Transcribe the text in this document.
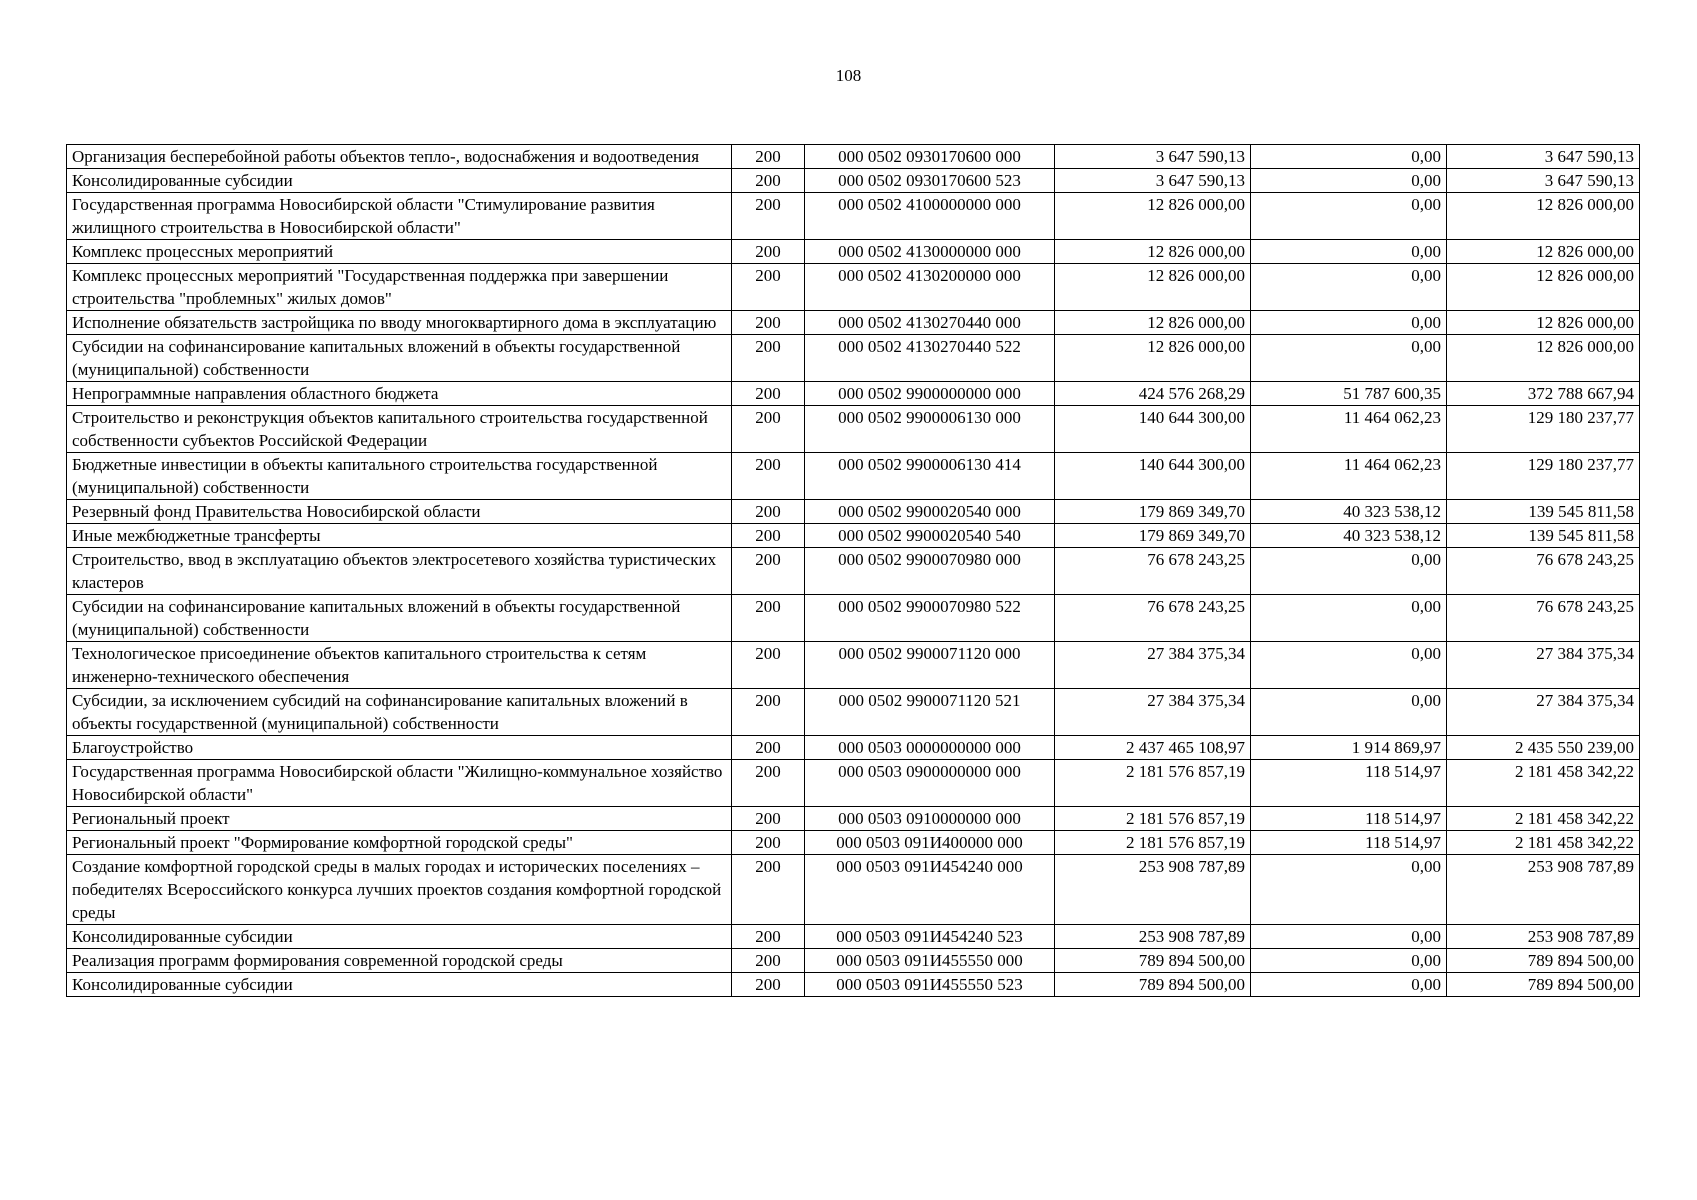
108
Организация бесперебойной работы объектов тепло-, водоснабжения и водоотведения	200	000 0502 0930170600 000	3 647 590,13	0,00	3 647 590,13
Консолидированные субсидии	200	000 0502 0930170600 523	3 647 590,13	0,00	3 647 590,13
Государственная программа Новосибирской области "Стимулирование развития жилищного строительства в Новосибирской области"	200	000 0502 4100000000 000	12 826 000,00	0,00	12 826 000,00
Комплекс процессных мероприятий	200	000 0502 4130000000 000	12 826 000,00	0,00	12 826 000,00
Комплекс процессных мероприятий "Государственная поддержка при завершении строительства "проблемных" жилых домов"	200	000 0502 4130200000 000	12 826 000,00	0,00	12 826 000,00
Исполнение обязательств застройщика по вводу многоквартирного дома в эксплуатацию	200	000 0502 4130270440 000	12 826 000,00	0,00	12 826 000,00
Субсидии на софинансирование капитальных вложений в объекты государственной (муниципальной) собственности	200	000 0502 4130270440 522	12 826 000,00	0,00	12 826 000,00
Непрограммные направления областного бюджета	200	000 0502 9900000000 000	424 576 268,29	51 787 600,35	372 788 667,94
Строительство и реконструкция объектов капитального строительства государственной собственности субъектов Российской Федерации	200	000 0502 9900006130 000	140 644 300,00	11 464 062,23	129 180 237,77
Бюджетные инвестиции в объекты капитального строительства государственной (муниципальной) собственности	200	000 0502 9900006130 414	140 644 300,00	11 464 062,23	129 180 237,77
Резервный фонд Правительства Новосибирской области	200	000 0502 9900020540 000	179 869 349,70	40 323 538,12	139 545 811,58
Иные межбюджетные трансферты	200	000 0502 9900020540 540	179 869 349,70	40 323 538,12	139 545 811,58
Строительство, ввод в эксплуатацию объектов электросетевого хозяйства туристических кластеров	200	000 0502 9900070980 000	76 678 243,25	0,00	76 678 243,25
Субсидии на софинансирование капитальных вложений в объекты государственной (муниципальной) собственности	200	000 0502 9900070980 522	76 678 243,25	0,00	76 678 243,25
Технологическое присоединение объектов капитального строительства к сетям инженерно-технического обеспечения	200	000 0502 9900071120 000	27 384 375,34	0,00	27 384 375,34
Субсидии, за исключением субсидий на софинансирование капитальных вложений в объекты государственной (муниципальной) собственности	200	000 0502 9900071120 521	27 384 375,34	0,00	27 384 375,34
Благоустройство	200	000 0503 0000000000 000	2 437 465 108,97	1 914 869,97	2 435 550 239,00
Государственная программа Новосибирской области "Жилищно-коммунальное хозяйство Новосибирской области"	200	000 0503 0900000000 000	2 181 576 857,19	118 514,97	2 181 458 342,22
Региональный проект	200	000 0503 0910000000 000	2 181 576 857,19	118 514,97	2 181 458 342,22
Региональный проект "Формирование комфортной городской среды"	200	000 0503 091И400000 000	2 181 576 857,19	118 514,97	2 181 458 342,22
Создание комфортной городской среды в малых городах и исторических поселениях – победителях Всероссийского конкурса лучших проектов создания комфортной городской среды	200	000 0503 091И454240 000	253 908 787,89	0,00	253 908 787,89
Консолидированные субсидии	200	000 0503 091И454240 523	253 908 787,89	0,00	253 908 787,89
Реализация программ формирования современной городской среды	200	000 0503 091И455550 000	789 894 500,00	0,00	789 894 500,00
Консолидированные субсидии	200	000 0503 091И455550 523	789 894 500,00	0,00	789 894 500,00
